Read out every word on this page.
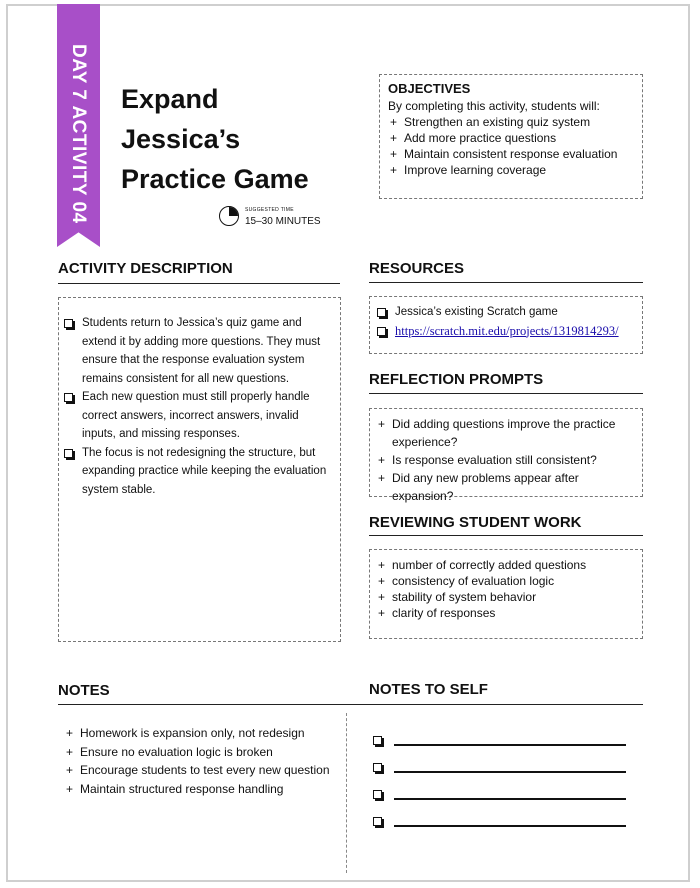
DAY 7 ACTIVITY 04 Expand
Jessica’s
Practice Game
SUGGESTED TIME
15–30 MINUTES
OBJECTIVES
By completing this activity, students will:
+ Strengthen an existing quiz system
+ Add more practice questions
+ Maintain consistent response evaluation
+ Improve learning coverage
ACTIVITY DESCRIPTION
Students return to Jessica’s quiz game and extend it by adding more questions. They must ensure that the response evaluation system remains consistent for all new questions.
Each new question must still properly handle correct answers, incorrect answers, invalid inputs, and missing responses.
The focus is not redesigning the structure, but expanding practice while keeping the evaluation system stable.
RESOURCES
Jessica’s existing Scratch game
https://scratch.mit.edu/projects/1319814293/
REFLECTION PROMPTS
+ Did adding questions improve the practice experience?
+ Is response evaluation still consistent?
+ Did any new problems appear after expansion?
REVIEWING STUDENT WORK
+ number of correctly added questions
+ consistency of evaluation logic
+ stability of system behavior
+ clarity of responses
NOTES	NOTES TO SELF
+ Homework is expansion only, not redesign
+ Ensure no evaluation logic is broken
+ Encourage students to test every new question
+ Maintain structured response handling
